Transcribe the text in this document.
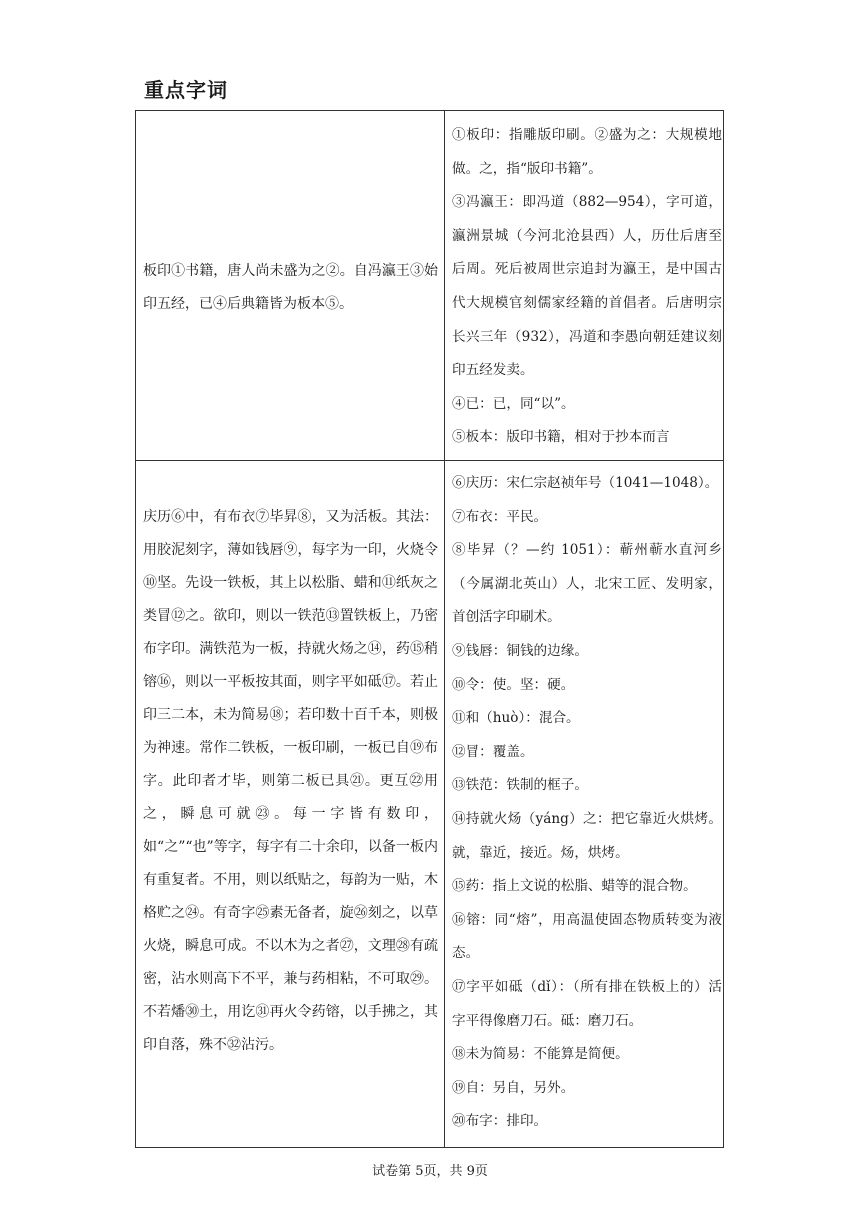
重点字词

板印①书籍，唐人尚未盛为之②。自冯瀛王③始印五经，已④后典籍皆为板本⑤。

①板印：指雕版印刷。②盛为之：大规模地做。之，指“版印书籍”。

③冯瀛王：即冯道（882—954），字可道，瀛洲景城（今河北沧县西）人，历仕后唐至后周。死后被周世宗追封为瀛王，是中国古代大规模官刻儒家经籍的首倡者。后唐明宗长兴三年（932），冯道和李愚向朝廷建议刻印五经发卖。

④已：已，同“以”。

⑤板本：版印书籍，相对于抄本而言

庆历⑥中，有布衣⑦毕昇⑧，又为活板。其法：用胶泥刻字，薄如钱唇⑨，每字为一印，火烧令⑩坚。先设一铁板，其上以松脂、蜡和⑪纸灰之类冒⑫之。欲印，则以一铁范⑬置铁板上，乃密布字印。满铁范为一板，持就火炀之⑭，药⑮稍镕⑯，则以一平板按其面，则字平如砥⑰。若止印三二本，未为简易⑱；若印数十百千本，则极为神速。常作二铁板，一板印刷，一板已自⑲布字。此印者才毕，则第二板已具㉑。更互㉒用之，瞬息可就㉓。每一字皆有数印，如“之”“也”等字，每字有二十余印，以备一板内有重复者。不用，则以纸贴之，每韵为一贴，木格贮之㉔。有奇字㉕素无备者，旋㉖刻之，以草火烧，瞬息可成。不以木为之者㉗，文理㉘有疏密，沾水则高下不平，兼与药相粘，不可取㉙。不若燔㉚土，用讫㉛再火令药镕，以手拂之，其印自落，殊不㉜沾污。

⑥庆历：宋仁宗赵祯年号（1041—1048）。

⑦布衣：平民。

⑧毕昇（？—约 1051）：蕲州蕲水直河乡（今属湖北英山）人，北宋工匠、发明家，首创活字印刷术。

⑨钱唇：铜钱的边缘。

⑩令：使。坚：硬。

⑪和（huò）：混合。

⑫冒：覆盖。

⑬铁范：铁制的框子。

⑭持就火炀（yáng）之：把它靠近火烘烤。就，靠近，接近。炀，烘烤。

⑮药：指上文说的松脂、蜡等的混合物。

⑯镕：同“熔”，用高温使固态物质转变为液态。

⑰字平如砥（dǐ）：（所有排在铁板上的）活字平得像磨刀石。砥：磨刀石。

⑱未为简易：不能算是简便。

⑲自：另自，另外。

⑳布字：排印。

试卷第 5页，共 9页
